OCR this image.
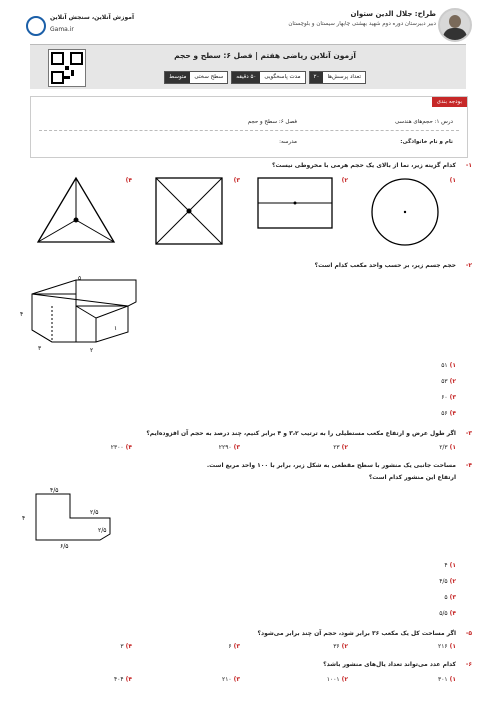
طراح: جلال الدین ستوان
دبیر دبیرستان دوره دوم شهید بهشتی چابهار سیستان و بلوچستان
آموزش آنلاین، سنجش آنلاین
Gama.ir
آزمون آنلاین ریاضی هفتم | فصل ۶: سطح و حجم
تعداد پرسش‌ها
۲۰
مدت پاسخگویی
۵۰ دقیقه
سطح سختی
متوسط
بودجه بندی
درس ۱: حجم‌های هندسی
فصل ۶: سطح و حجم
نام و نام خانوادگی:
مدرسه:
۱-
کدام گزینه زیر، نما از بالای یک حجم هرمی با مخروطی نیست؟
۱)
۲)
۳)
۴)
۲-
حجم جسم زیر، بر حسب واحد مکعب کدام است؟
۵
۴
۳	۲
۱
۱) ۵۱
۲) ۵۳
۳) ۶۰
۴) ۵۶
۳-
اگر طول عرض و ارتفاع مکعب مستطیلی را به ترتیب ۳،۲ و ۴ برابر کنیم، چند درصد به حجم آن افزوده‌ایم؟
۱) ۲/۳
۲) ۲۳
۳) ۲۲۹۰
۴) ۲۳۰۰
۴-
مساحت جانبی یک منشور با سطح مقطعی به شکل زیر، برابر با ۱۰۰ واحد مربع است.
ارتفاع این منشور کدام است؟
۴/۵
۴
۲/۵
۲/۵
۶/۵
۱) ۴
۲) ۴/۵
۳) ۵
۴) ۵/۵
۵-
اگر مساحت کل یک مکعب ۳۶ برابر شود، حجم آن چند برابر می‌شود؟
۱) ۲۱۶
۲) ۳۶
۳) ۶
۴) ۳
۶-
کدام عدد می‌تواند تعداد یال‌های منشور باشد؟
۱) ۳۰۱
۲) ۱۰۰۱
۳) ۲۱۰
۴) ۴۰۴
